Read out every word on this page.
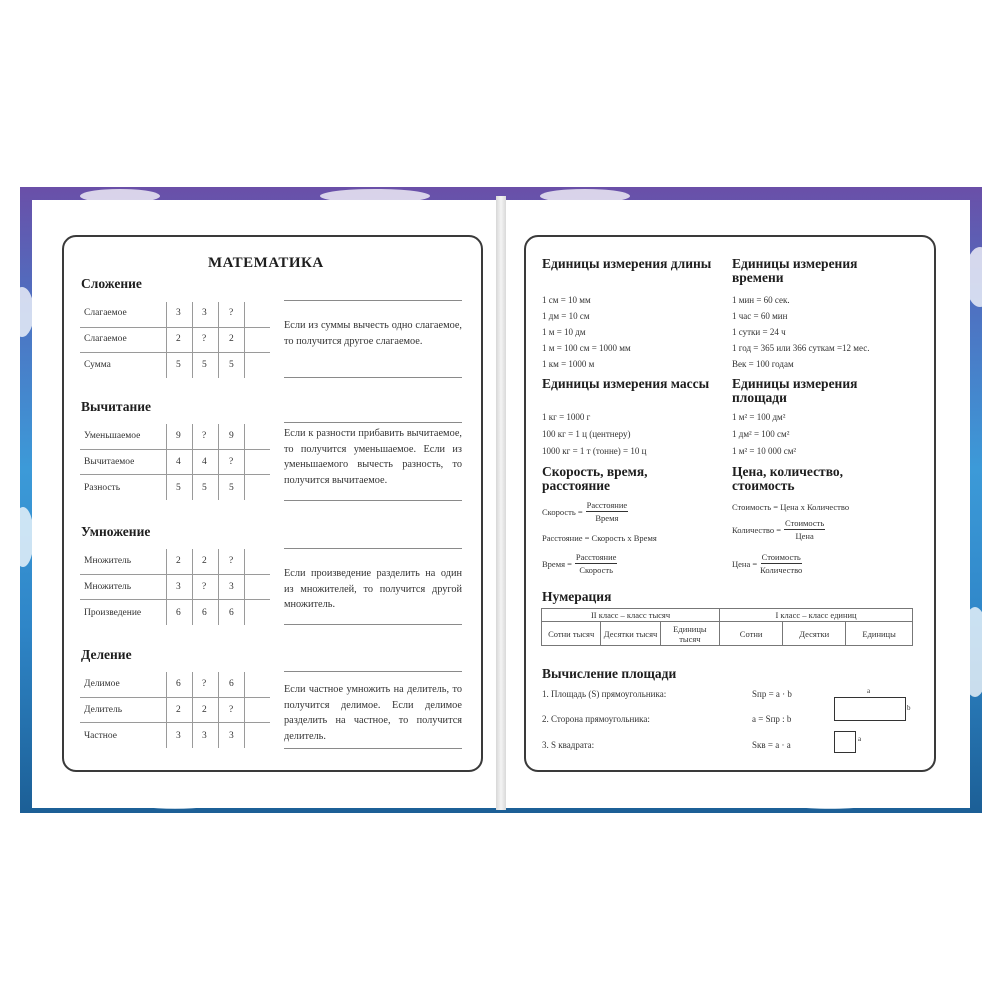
МАТЕМАТИКА
Сложение
Слагаемое	3 3 ?
Слагаемое	2 ? 2
Сумма	5 5 5
Если из суммы вычесть одно слагаемое, то получится другое слагаемое.
Вычитание
Уменьшаемое	9 ? 9
Вычитаемое	4 4 ?
Разность	5 5 5
Если к разности прибавить вычитаемое, то получится уменьшаемое. Если из уменьшаемого вычесть разность, то получится вычитаемое.
Умножение
Множитель	2 2 ?
Множитель	3 ? 3
Произведение	6 6 6
Если произведение разделить на один из множителей, то получится другой множитель.
Деление
Делимое	6 ? 6
Делитель	2 2 ?
Частное	3 3 3
Если частное умножить на делитель, то получится делимое. Если делимое разделить на частное, то получится делитель.
Единицы измерения длины
1 см = 10 мм
1 дм = 10 см
1 м = 10 дм
1 м = 100 см = 1000 мм
1 км = 1000 м
Единицы измерения времени
1 мин = 60 сек.
1 час = 60 мин
1 сутки = 24 ч
1 год = 365 или 366 суткам =12 мес.
Век = 100 годам
Единицы измерения массы
1 кг = 1000 г
100 кг = 1 ц (центнеру)
1000 кг = 1 т (тонне) = 10 ц
Единицы измерения площади
1 м² = 100 дм²
1 дм² = 100 см²
1 м² = 10 000 см²
Скорость, время, расстояние
Скорость =
Расстояние
Время
Расстояние = Скорость х Время
Время =
Расстояние
Скорость
Цена, количество, стоимость
Стоимость = Цена х Количество
Количество =
Стоимость
Цена
Цена =
Стоимость
Количество
Нумерация
II класс – класс тысяч			I класс – класс единиц		
Сотни тысяч	Десятки тысяч	Единицы тысяч	Сотни	Десятки	Единицы
Вычисление площади
1. Площадь (S) прямоугольника:	Sпр = a · b
2. Сторона прямоугольника:	a = Sпр : b
3. S квадрата:	Sкв = a · a
a
b
a
